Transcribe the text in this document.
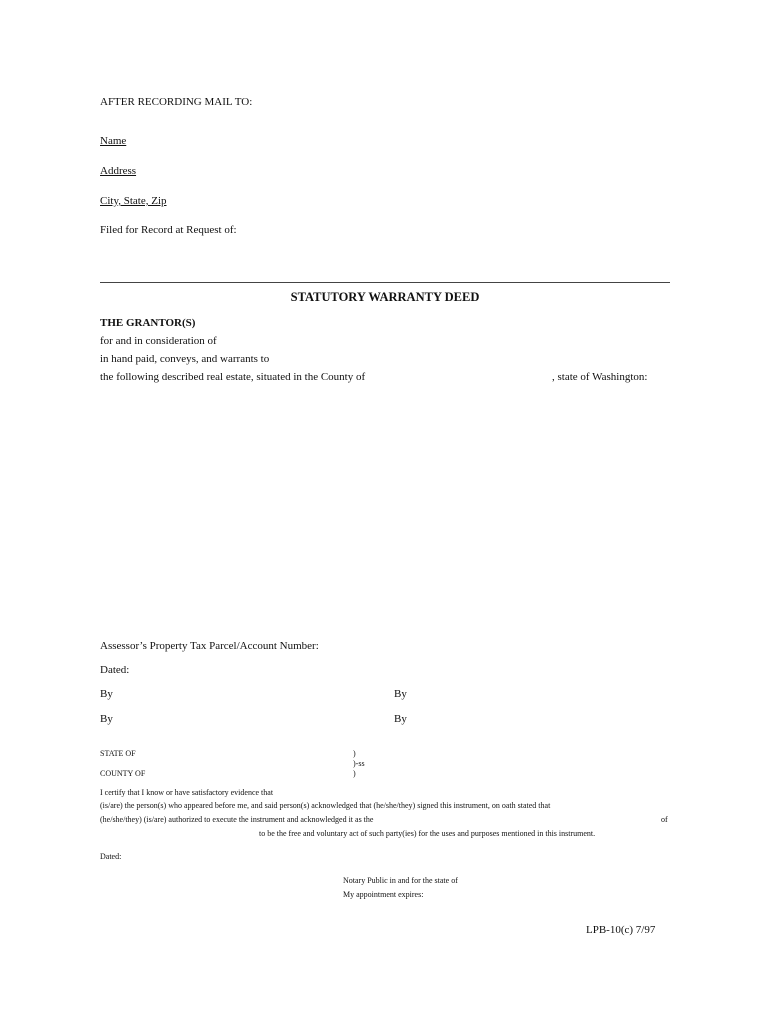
AFTER RECORDING MAIL TO:
Name
Address
City, State, Zip
Filed for Record at Request of:
STATUTORY WARRANTY DEED
THE GRANTOR(S)
for and in consideration of
in hand paid, conveys, and warrants to
the following described real estate, situated in the County of	, state of Washington:
Assessor’s Property Tax Parcel/Account Number:
Dated:
By	By
By	By
STATE OF	)
)-ss
COUNTY OF	)
I certify that I know or have satisfactory evidence that
(is/are) the person(s) who appeared before me, and said person(s) acknowledged that (he/she/they) signed this instrument, on oath stated that
(he/she/they) (is/are) authorized to execute the instrument and acknowledged it as the	of
to be the free and voluntary act of such party(ies) for the uses and purposes mentioned in this instrument.
Dated:
Notary Public in and for the state of
My appointment expires:
LPB-10(c) 7/97
